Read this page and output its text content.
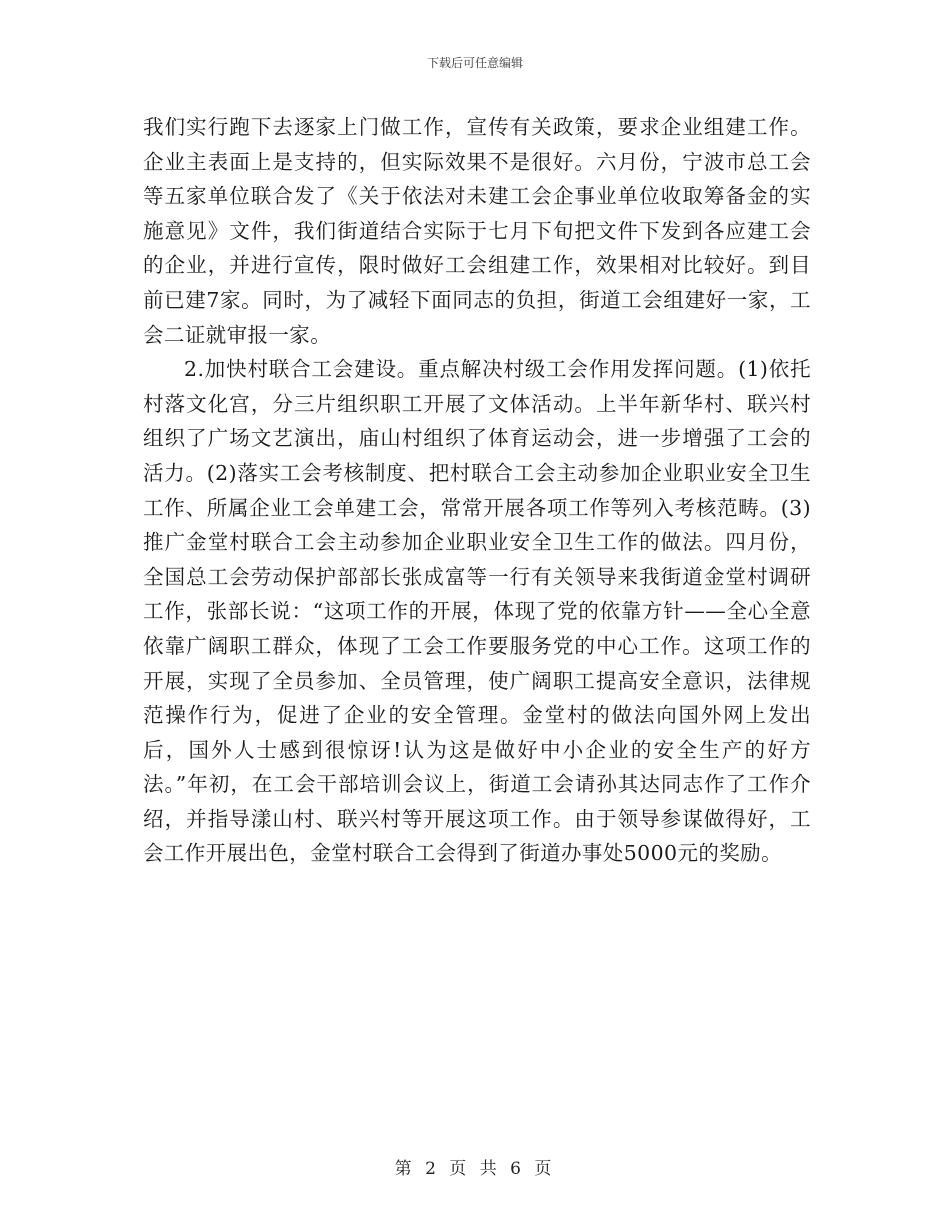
下载后可任意编辑

我们实行跑下去逐家上门做工作，宣传有关政策，要求企业组建工作。企业主表面上是支持的，但实际效果不是很好。六月份，宁波市总工会等五家单位联合发了《关于依法对未建工会企事业单位收取筹备金的实施意见》文件，我们街道结合实际于七月下旬把文件下发到各应建工会的企业，并进行宣传，限时做好工会组建工作，效果相对比较好。到目前已建7家。同时，为了减轻下面同志的负担，街道工会组建好一家，工会二证就审报一家。

2.加快村联合工会建设。重点解决村级工会作用发挥问题。(1)依托村落文化宫，分三片组织职工开展了文体活动。上半年新华村、联兴村组织了广场文艺演出，庙山村组织了体育运动会，进一步增强了工会的活力。(2)落实工会考核制度、把村联合工会主动参加企业职业安全卫生工作、所属企业工会单建工会，常常开展各项工作等列入考核范畴。(3)推广金堂村联合工会主动参加企业职业安全卫生工作的做法。四月份，全国总工会劳动保护部部长张成富等一行有关领导来我街道金堂村调研工作，张部长说：“这项工作的开展，体现了党的依靠方针——全心全意依靠广阔职工群众，体现了工会工作要服务党的中心工作。这项工作的开展，实现了全员参加、全员管理，使广阔职工提高安全意识，法律规范操作行为，促进了企业的安全管理。金堂村的做法向国外网上发出后，国外人士感到很惊讶!认为这是做好中小企业的安全生产的好方法。”年初，在工会干部培训会议上，街道工会请孙其达同志作了工作介绍，并指导漾山村、联兴村等开展这项工作。由于领导参谋做得好，工会工作开展出色，金堂村联合工会得到了街道办事处5000元的奖励。

第 2 页 共 6 页
